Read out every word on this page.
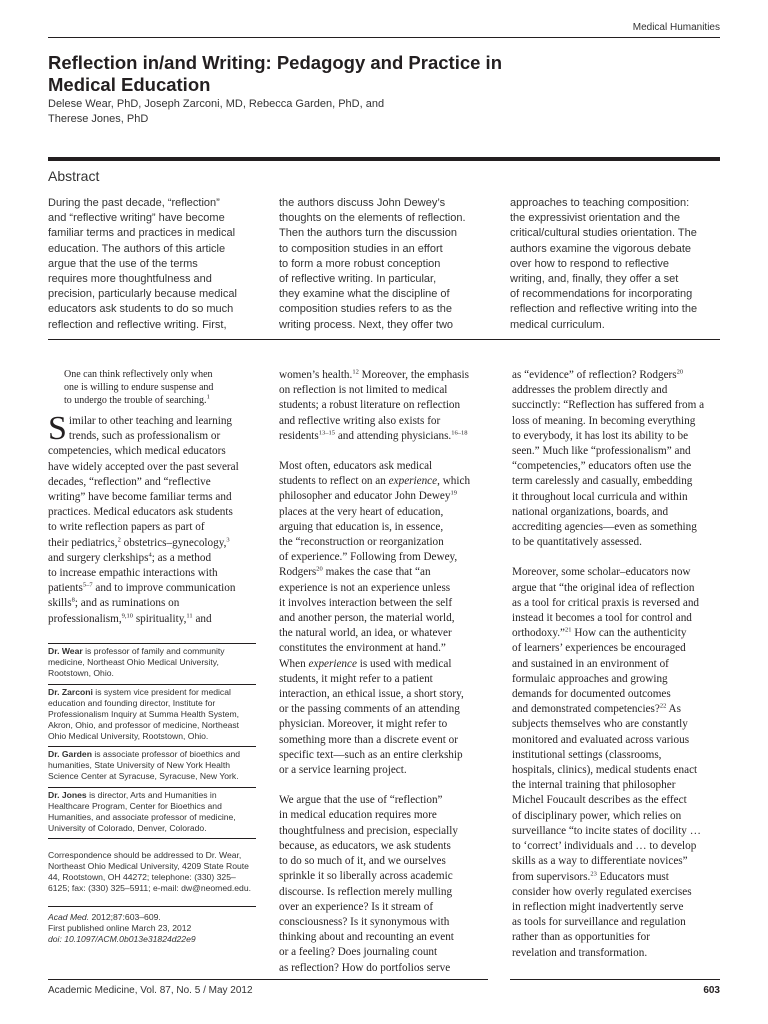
Medical Humanities
Reflection in/and Writing: Pedagogy and Practice in Medical Education
Delese Wear, PhD, Joseph Zarconi, MD, Rebecca Garden, PhD, and
Therese Jones, PhD
Abstract
During the past decade, “reflection”
and “reflective writing” have become
familiar terms and practices in medical
education. The authors of this article
argue that the use of the terms
requires more thoughtfulness and
precision, particularly because medical
educators ask students to do so much
reflection and reflective writing. First,
the authors discuss John Dewey’s
thoughts on the elements of reflection.
Then the authors turn the discussion
to composition studies in an effort
to form a more robust conception
of reflective writing. In particular,
they examine what the discipline of
composition studies refers to as the
writing process. Next, they offer two
approaches to teaching composition:
the expressivist orientation and the
critical/cultural studies orientation. The
authors examine the vigorous debate
over how to respond to reflective
writing, and, finally, they offer a set
of recommendations for incorporating
reflection and reflective writing into the
medical curriculum.
One can think reflectively only when
one is willing to endure suspense and
to undergo the trouble of searching.$^1$
Similar to other teaching and learning
trends, such as professionalism or
competencies, which medical educators
have widely accepted over the past several
decades, “reflection” and “reflective
writing” have become familiar terms and
practices. Medical educators ask students
to write reflection papers as part of
their pediatrics,$^2$ obstetrics–gynecology,$^3$
and surgery clerkships$^4$; as a method
to increase empathic interactions with
patients$^{5-7}$ and to improve communication
skills$^8$; and as ruminations on
professionalism,$^{9,10}$ spirituality,$^{11}$ and
Dr. Wear is professor of family and community medicine, Northeast Ohio Medical University, Rootstown, Ohio.
Dr. Zarconi is system vice president for medical education and founding director, Institute for Professionalism Inquiry at Summa Health System, Akron, Ohio, and professor of medicine, Northeast Ohio Medical University, Rootstown, Ohio.
Dr. Garden is associate professor of bioethics and humanities, State University of New York Health Science Center at Syracuse, Syracuse, New York.
Dr. Jones is director, Arts and Humanities in Healthcare Program, Center for Bioethics and Humanities, and associate professor of medicine, University of Colorado, Denver, Colorado.
Correspondence should be addressed to Dr. Wear, Northeast Ohio Medical University, 4209 State Route 44, Rootstown, OH 44272; telephone: (330) 325–6125; fax: (330) 325–5911; e-mail: dw@neomed.edu.
Acad Med. 2012;87:603–609.
First published online March 23, 2012
doi: 10.1097/ACM.0b013e31824d22e9
women’s health.$^{12}$ Moreover, the emphasis
on reflection is not limited to medical
students; a robust literature on reflection
and reflective writing also exists for
residents$^{13-15}$ and attending physicians.$^{16-18}$
Most often, educators ask medical
students to reflect on an experience, which
philosopher and educator John Dewey$^{19}$
places at the very heart of education,
arguing that education is, in essence,
the “reconstruction or reorganization
of experience.” Following from Dewey,
Rodgers$^{20}$ makes the case that “an
experience is not an experience unless
it involves interaction between the self
and another person, the material world,
the natural world, an idea, or whatever
constitutes the environment at hand.”
When experience is used with medical
students, it might refer to a patient
interaction, an ethical issue, a short story,
or the passing comments of an attending
physician. Moreover, it might refer to
something more than a discrete event or
specific text—such as an entire clerkship
or a service learning project.
We argue that the use of “reflection”
in medical education requires more
thoughtfulness and precision, especially
because, as educators, we ask students
to do so much of it, and we ourselves
sprinkle it so liberally across academic
discourse. Is reflection merely mulling
over an experience? Is it stream of
consciousness? Is it synonymous with
thinking about and recounting an event
or a feeling? Does journaling count
as reflection? How do portfolios serve
as “evidence” of reflection? Rodgers$^{20}$
addresses the problem directly and
succinctly: “Reflection has suffered from a
loss of meaning. In becoming everything
to everybody, it has lost its ability to be
seen.” Much like “professionalism” and
“competencies,” educators often use the
term carelessly and casually, embedding
it throughout local curricula and within
national organizations, boards, and
accrediting agencies—even as something
to be quantitatively assessed.
Moreover, some scholar–educators now
argue that “the original idea of reflection
as a tool for critical praxis is reversed and
instead it becomes a tool for control and
orthodoxy.”$^{21}$ How can the authenticity
of learners’ experiences be encouraged
and sustained in an environment of
formulaic approaches and growing
demands for documented outcomes
and demonstrated competencies?$^{22}$ As
subjects themselves who are constantly
monitored and evaluated across various
institutional settings (classrooms,
hospitals, clinics), medical students enact
the internal training that philosopher
Michel Foucault describes as the effect
of disciplinary power, which relies on
surveillance “to incite states of docility …
to ‘correct’ individuals and … to develop
skills as a way to differentiate novices”
from supervisors.$^{23}$ Educators must
consider how overly regulated exercises
in reflection might inadvertently serve
as tools for surveillance and regulation
rather than as opportunities for
revelation and transformation.
Academic Medicine, Vol. 87, No. 5 / May 2012	603
